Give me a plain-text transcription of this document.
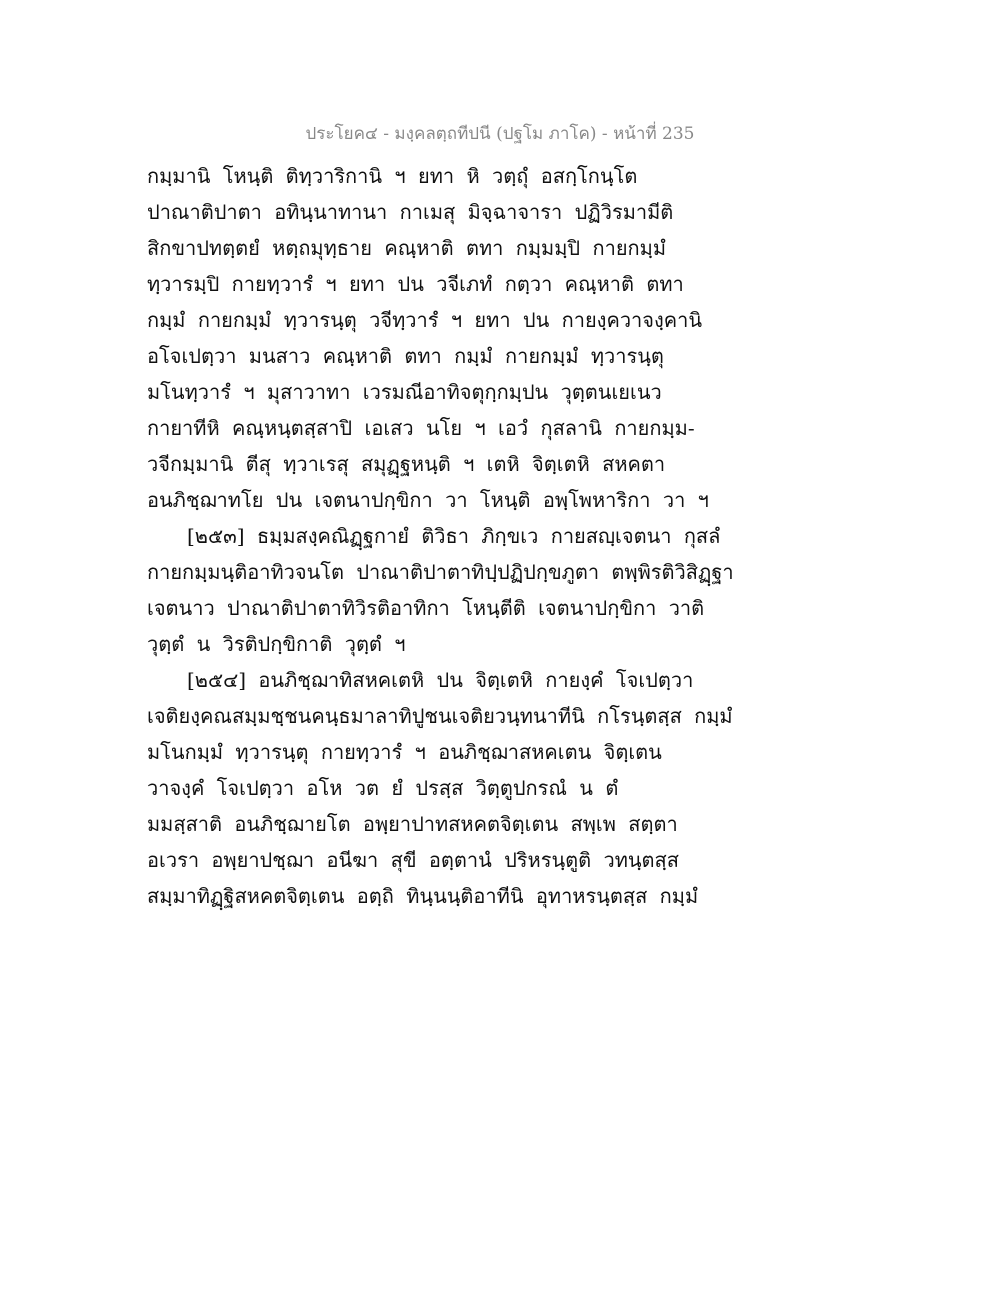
ประโยค๔ - มงฺคลตฺถทีปนี (ปฐโม ภาโค) - หน้าที่ 235
กมฺมานิ โหนฺติ ติทฺวาริกานิ ฯ ยทา หิ วตฺถุํ อสกฺโกนฺโต
ปาณาติปาตา อทินฺนาทานา กาเมสุ มิจฺฉาจารา ปฏิวิรมามีติ
สิกขาปทตฺตยํ หตฺถมุทฺธาย คณฺหาติ ตทา กมฺมมฺปิ กายกมฺมํ
ทฺวารมฺปิ กายทฺวารํ ฯ ยทา ปน วจีเภทํ กตฺวา คณฺหาติ ตทา
กมฺมํ กายกมฺมํ ทฺวารนฺตุ วจีทฺวารํ ฯ ยทา ปน กายงฺควาจงฺคานิ
อโจเปตฺวา มนสาว คณฺหาติ ตทา กมฺมํ กายกมฺมํ ทฺวารนฺตุ
มโนทฺวารํ ฯ มุสาวาทา เวรมณีอาทิจตุกฺกมฺปน วุตฺตนเยเนว
กายาทีหิ คณฺหนฺตสฺสาปิ เอเสว นโย ฯ เอวํ กุสลานิ กายกมฺม-
วจีกมฺมานิ ตีสุ ทฺวาเรสุ สมุฏฺฐหนฺติ ฯ เตหิ จิตฺเตหิ สหคตา
อนภิชฺฌาทโย ปน เจตนาปกฺขิกา วา โหนฺติ อพฺโพหาริกา วา ฯ
[๒๕๓] ธมฺมสงฺคณิฏฺฐกายํ ติวิธา ภิกฺขเว กายสญฺเจตนา กุสลํ
กายกมฺมนฺติอาทิวจนโต ปาณาติปาตาทิปฺปฏิปกฺขภูตา ตพฺพิรติวิสิฏฺฐา
เจตนาว ปาณาติปาตาทิวิรติอาทิกา โหนฺตีติ เจตนาปกฺขิกา วาติ
วุตฺตํ น วิรติปกฺขิกาติ วุตฺตํ ฯ
[๒๕๔] อนภิชฺฌาทิสหคเตหิ ปน จิตฺเตหิ กายงฺคํ โจเปตฺวา
เจติยงฺคณสมฺมชฺชนคนฺธมาลาทิปูชนเจติยวนฺทนาทีนิ กโรนฺตสฺส กมฺมํ
มโนกมฺมํ ทฺวารนฺตุ กายทฺวารํ ฯ อนภิชฺฌาสหคเตน จิตฺเตน
วาจงฺคํ โจเปตฺวา อโห วต ยํ ปรสฺส วิตฺตูปกรณํ น ตํ
มมสฺสาติ อนภิชฺฌายโต อพฺยาปาทสหคตจิตฺเตน สพฺเพ สตฺตา
อเวรา อพฺยาปชฺฌา อนีฆา สุขี อตฺตานํ ปริหรนฺตูติ วทนฺตสฺส
สมฺมาทิฏฺฐิสหคตจิตฺเตน อตฺถิ ทินฺนนฺติอาทีนิ อุทาหรนฺตสฺส กมฺมํ
